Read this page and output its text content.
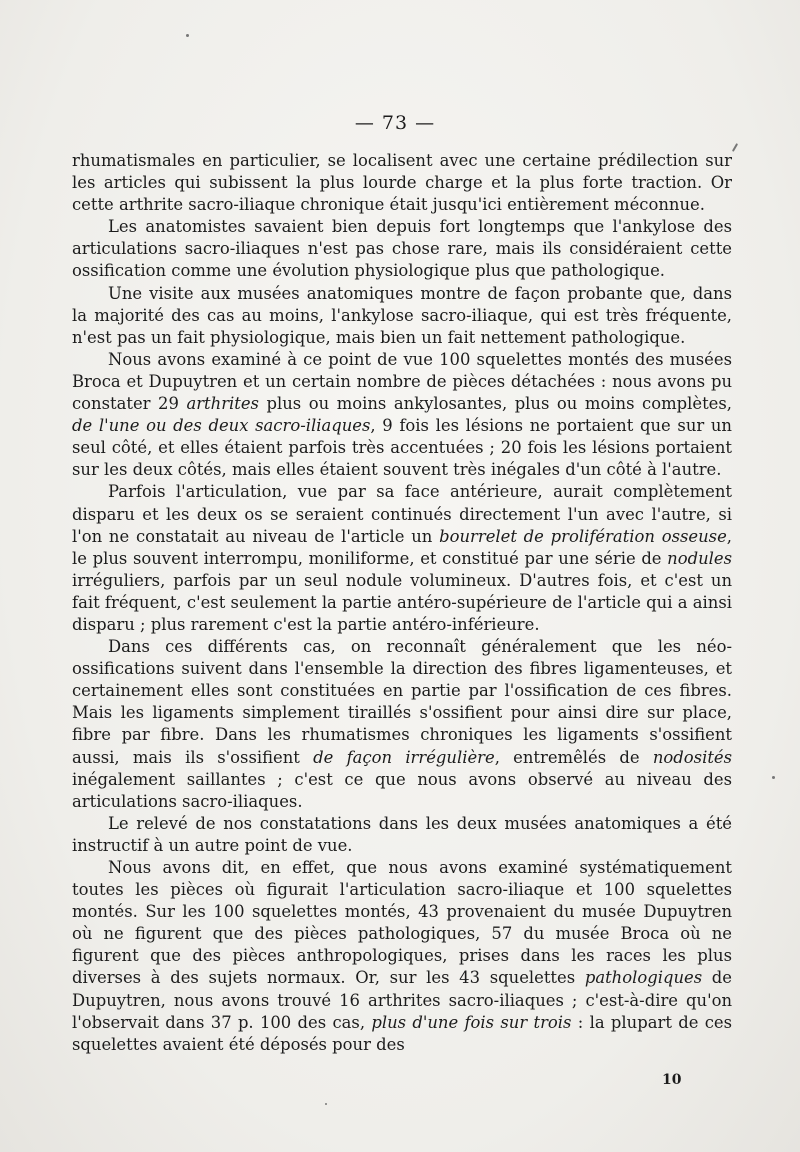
— 73 —

rhumatismales en particulier, se localisent avec une certaine prédilection sur les articles qui subissent la plus lourde charge et la plus forte traction. Or cette arthrite sacro-iliaque chronique était jusqu'ici entièrement méconnue.

Les anatomistes savaient bien depuis fort longtemps que l'ankylose des articulations sacro-iliaques n'est pas chose rare, mais ils considéraient cette ossification comme une évolution physiologique plus que pathologique.

Une visite aux musées anatomiques montre de façon probante que, dans la majorité des cas au moins, l'ankylose sacro-iliaque, qui est très fréquente, n'est pas un fait physiologique, mais bien un fait nettement pathologique.

Nous avons examiné à ce point de vue 100 squelettes montés des musées Broca et Dupuytren et un certain nombre de pièces détachées : nous avons pu constater 29 arthrites plus ou moins ankylosantes, plus ou moins complètes, de l'une ou des deux sacro-iliaques, 9 fois les lésions ne portaient que sur un seul côté, et elles étaient parfois très accentuées ; 20 fois les lésions portaient sur les deux côtés, mais elles étaient souvent très inégales d'un côté à l'autre.

Parfois l'articulation, vue par sa face antérieure, aurait complètement disparu et les deux os se seraient continués directement l'un avec l'autre, si l'on ne constatait au niveau de l'article un bourrelet de prolifération osseuse, le plus souvent interrompu, moniliforme, et constitué par une série de nodules irréguliers, parfois par un seul nodule volumineux. D'autres fois, et c'est un fait fréquent, c'est seulement la partie antéro-supérieure de l'article qui a ainsi disparu ; plus rarement c'est la partie antéro-inférieure.

Dans ces différents cas, on reconnaît généralement que les néo-ossifications suivent dans l'ensemble la direction des fibres ligamenteuses, et certainement elles sont constituées en partie par l'ossification de ces fibres. Mais les ligaments simplement tiraillés s'ossifient pour ainsi dire sur place, fibre par fibre. Dans les rhumatismes chroniques les ligaments s'ossifient aussi, mais ils s'ossifient de façon irrégulière, entremêlés de nodosités inégalement saillantes ; c'est ce que nous avons observé au niveau des articulations sacro-iliaques.

Le relevé de nos constatations dans les deux musées anatomiques a été instructif à un autre point de vue.

Nous avons dit, en effet, que nous avons examiné systématiquement toutes les pièces où figurait l'articulation sacro-iliaque et 100 squelettes montés. Sur les 100 squelettes montés, 43 provenaient du musée Dupuytren où ne figurent que des pièces pathologiques, 57 du musée Broca où ne figurent que des pièces anthropologiques, prises dans les races les plus diverses à des sujets normaux. Or, sur les 43 squelettes pathologiques de Dupuytren, nous avons trouvé 16 arthrites sacro-iliaques ; c'est-à-dire qu'on l'observait dans 37 p. 100 des cas, plus d'une fois sur trois : la plupart de ces squelettes avaient été déposés pour des

10
